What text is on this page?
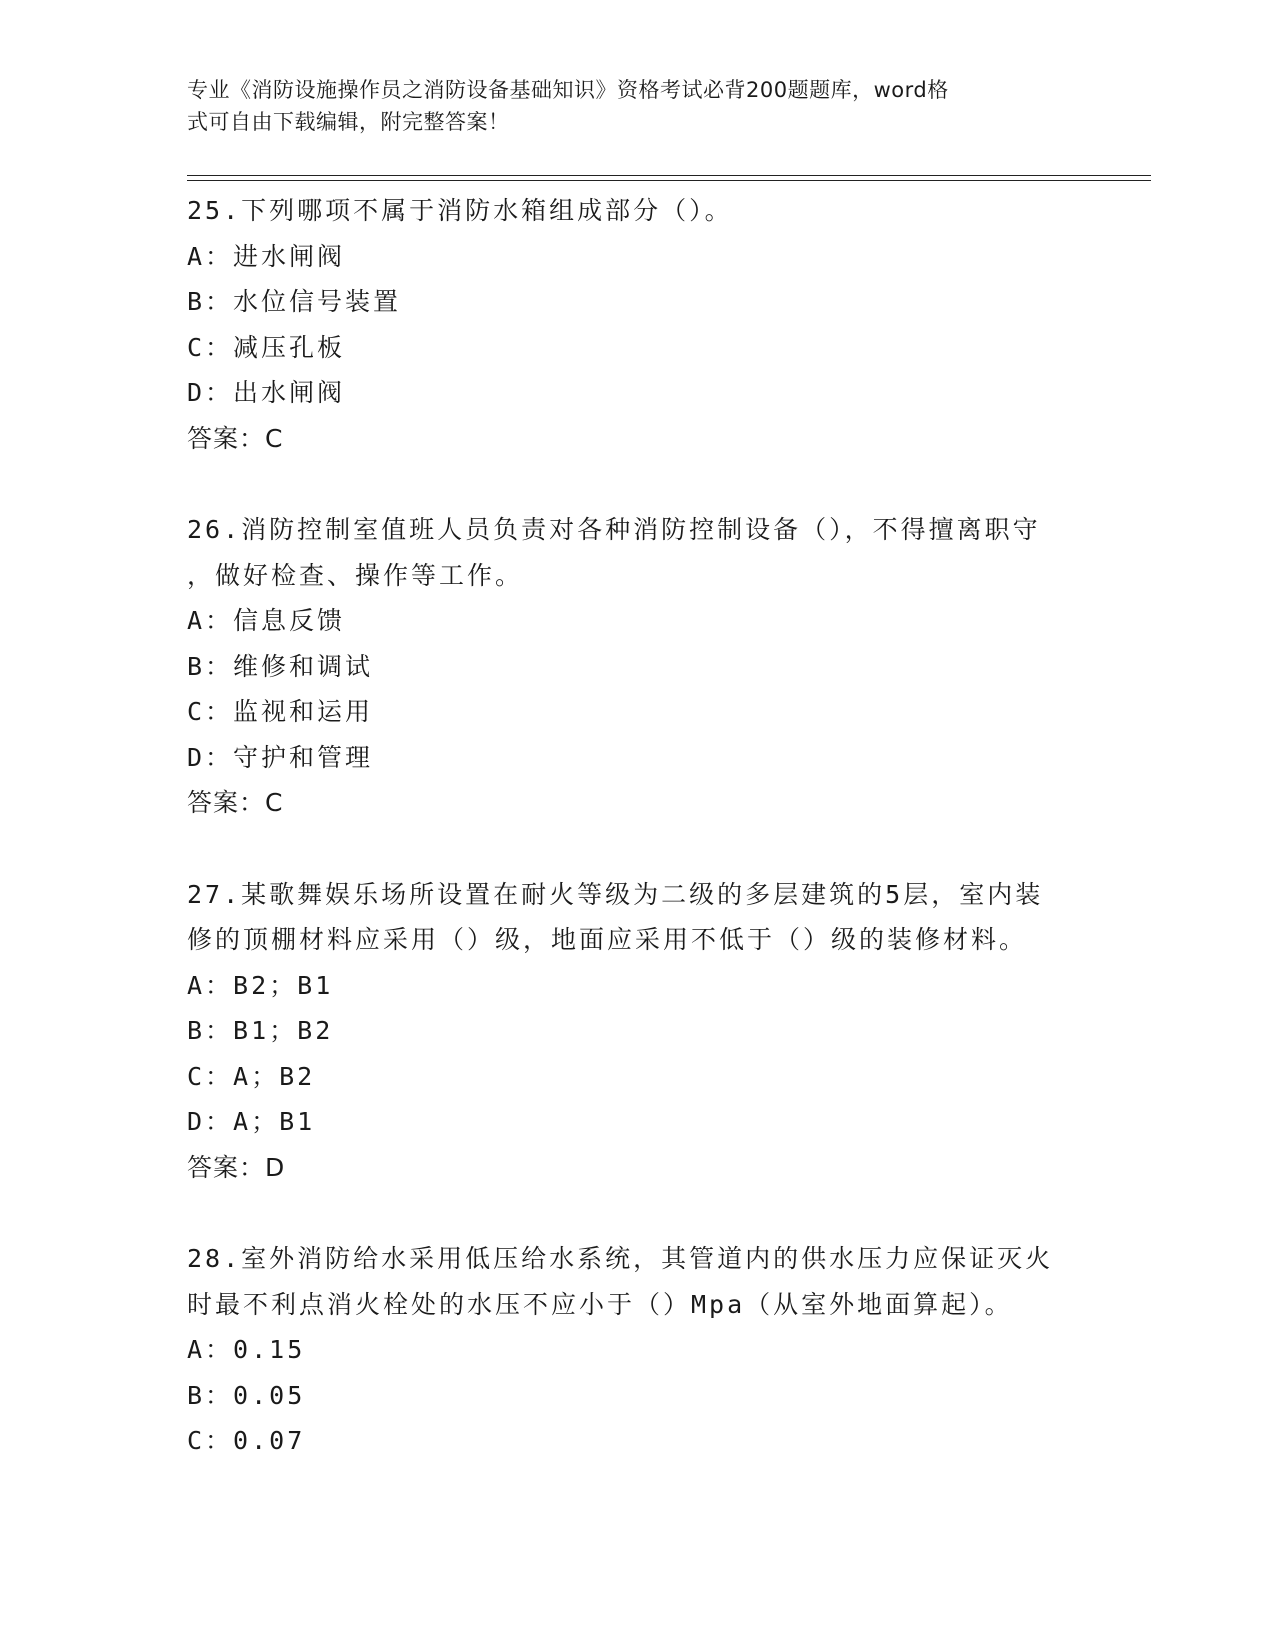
专业《消防设施操作员之消防设备基础知识》资格考试必背200题题库，word格
式可自由下载编辑，附完整答案！
25.下列哪项不属于消防水箱组成部分（）。
A：进水闸阀
B：水位信号装置
C：减压孔板
D：出水闸阀
答案：C
26.消防控制室值班人员负责对各种消防控制设备（），不得擅离职守
，做好检查、操作等工作。
A：信息反馈
B：维修和调试
C：监视和运用
D：守护和管理
答案：C
27.某歌舞娱乐场所设置在耐火等级为二级的多层建筑的5层，室内装
修的顶棚材料应采用（）级，地面应采用不低于（）级的装修材料。
A：B2；B1
B：B1；B2
C：A；B2
D：A；B1
答案：D
28.室外消防给水采用低压给水系统，其管道内的供水压力应保证灭火
时最不利点消火栓处的水压不应小于（）Mpa（从室外地面算起）。
A：0.15
B：0.05
C：0.07
